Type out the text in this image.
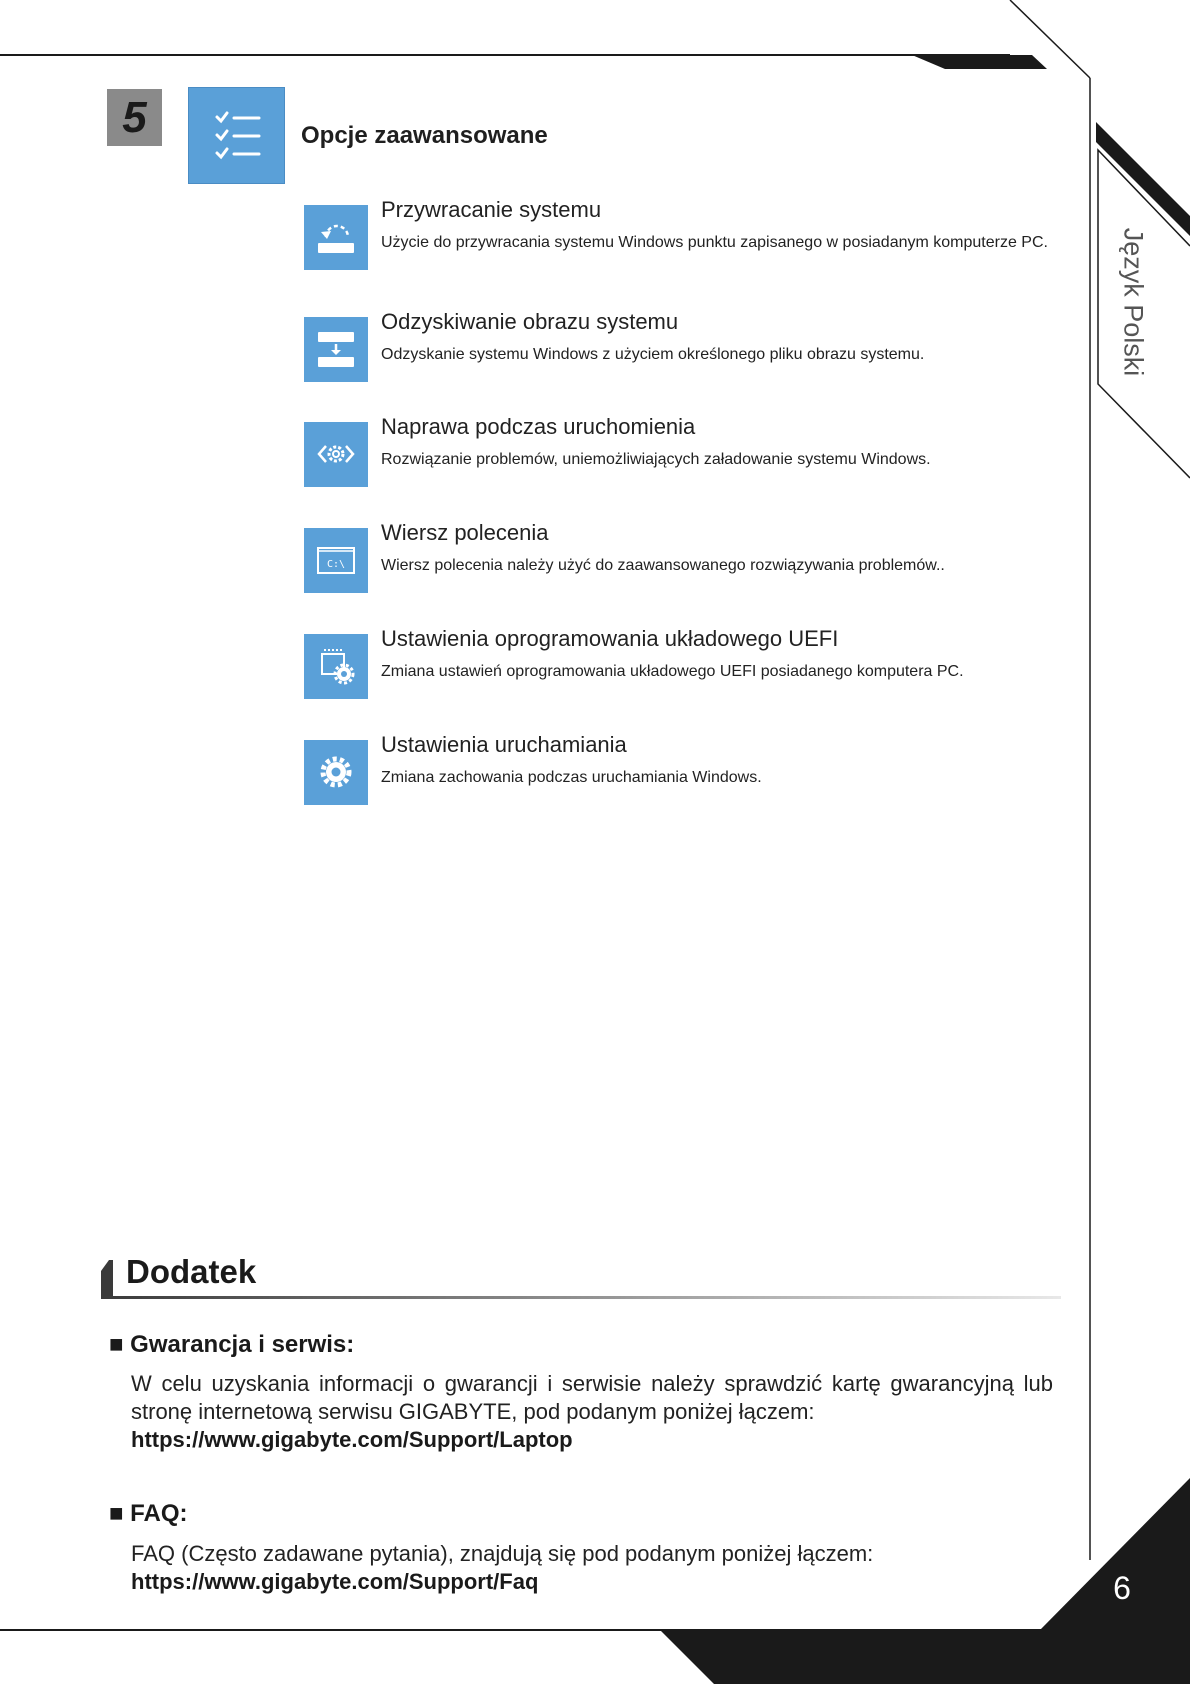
5	Opcje zaawansowane
Przywracanie systemu
Użycie do przywracania systemu Windows punktu zapisanego w posiadanym komputerze PC.
Odzyskiwanie obrazu systemu
Odzyskanie systemu Windows z użyciem określonego pliku obrazu systemu.
Naprawa podczas uruchomienia
Rozwiązanie problemów, uniemożliwiających załadowanie systemu Windows.
C:\
Wiersz polecenia
Wiersz polecenia należy użyć do zaawansowanego rozwiązywania problemów..
Ustawienia oprogramowania układowego UEFI
Zmiana ustawień oprogramowania układowego UEFI posiadanego komputera PC.
Ustawienia uruchamiania
Zmiana zachowania podczas uruchamiania Windows.
Dodatek
■ Gwarancja i serwis:
W celu uzyskania informacji o gwarancji i serwisie należy sprawdzić kartę gwarancyjną lub stronę internetową serwisu GIGABYTE, pod podanym poniżej łączem:
https://www.gigabyte.com/Support/Laptop
■ FAQ:
FAQ (Często zadawane pytania), znajdują się pod podanym poniżej łączem:
https://www.gigabyte.com/Support/Faq
Język Polski
6
